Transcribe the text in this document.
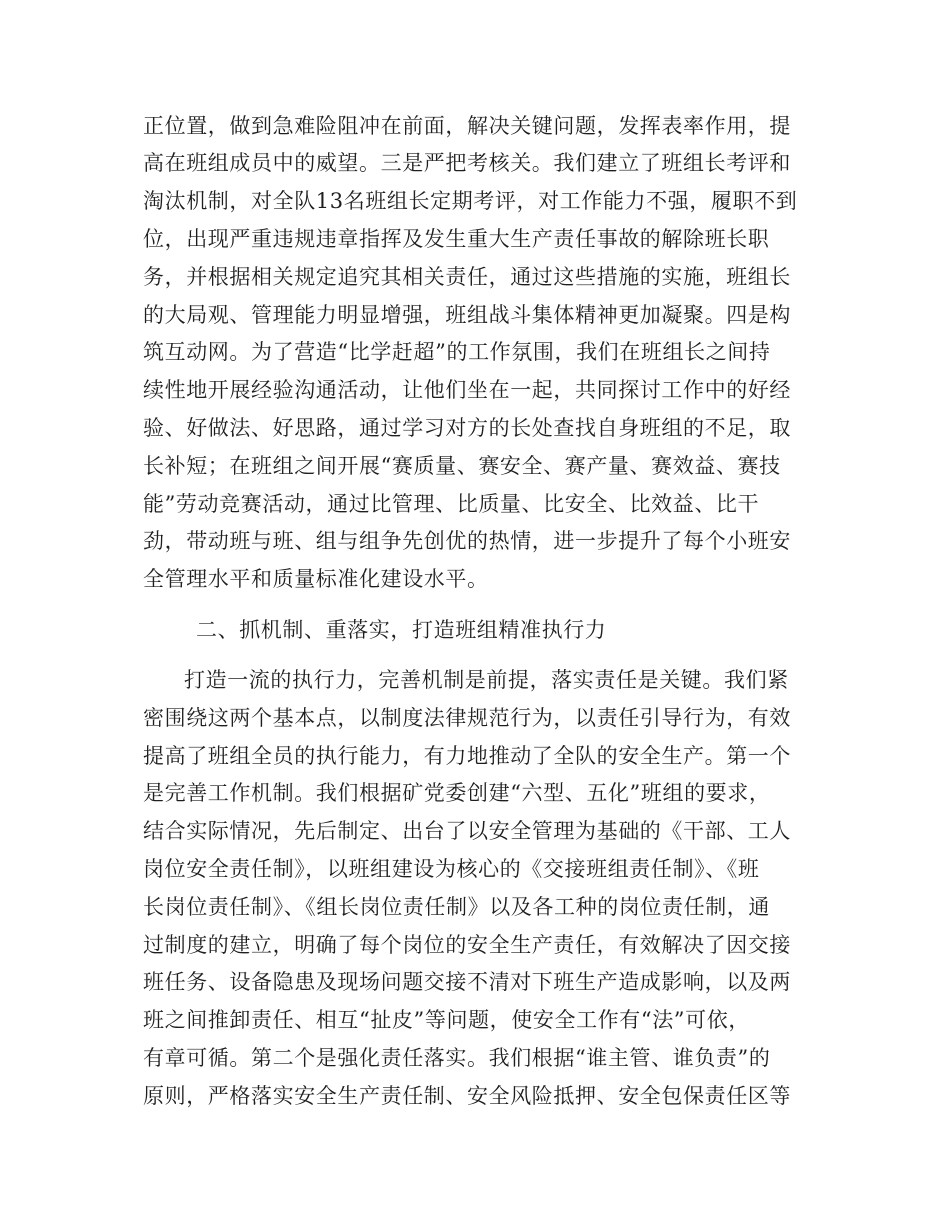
正位置，做到急难险阻冲在前面，解决关键问题，发挥表率作用，提
高在班组成员中的威望。三是严把考核关。我们建立了班组长考评和
淘汰机制，对全队13名班组长定期考评，对工作能力不强，履职不到
位，出现严重违规违章指挥及发生重大生产责任事故的解除班长职
务，并根据相关规定追究其相关责任，通过这些措施的实施，班组长
的大局观、管理能力明显增强，班组战斗集体精神更加凝聚。四是构
筑互动网。为了营造“比学赶超”的工作氛围，我们在班组长之间持
续性地开展经验沟通活动，让他们坐在一起，共同探讨工作中的好经
验、好做法、好思路，通过学习对方的长处查找自身班组的不足，取
长补短；在班组之间开展“赛质量、赛安全、赛产量、赛效益、赛技
能”劳动竞赛活动，通过比管理、比质量、比安全、比效益、比干
劲，带动班与班、组与组争先创优的热情，进一步提升了每个小班安
全管理水平和质量标准化建设水平。
二、抓机制、重落实，打造班组精准执行力
打造一流的执行力，完善机制是前提，落实责任是关键。我们紧
密围绕这两个基本点，以制度法律规范行为，以责任引导行为，有效
提高了班组全员的执行能力，有力地推动了全队的安全生产。第一个
是完善工作机制。我们根据矿党委创建“六型、五化”班组的要求，
结合实际情况，先后制定、出台了以安全管理为基础的《干部、工人
岗位安全责任制》，以班组建设为核心的《交接班组责任制》、《班
长岗位责任制》、《组长岗位责任制》以及各工种的岗位责任制，通
过制度的建立，明确了每个岗位的安全生产责任，有效解决了因交接
班任务、设备隐患及现场问题交接不清对下班生产造成影响，以及两
班之间推卸责任、相互“扯皮”等问题，使安全工作有“法”可依，
有章可循。第二个是强化责任落实。我们根据“谁主管、谁负责”的
原则，严格落实安全生产责任制、安全风险抵押、安全包保责任区等
